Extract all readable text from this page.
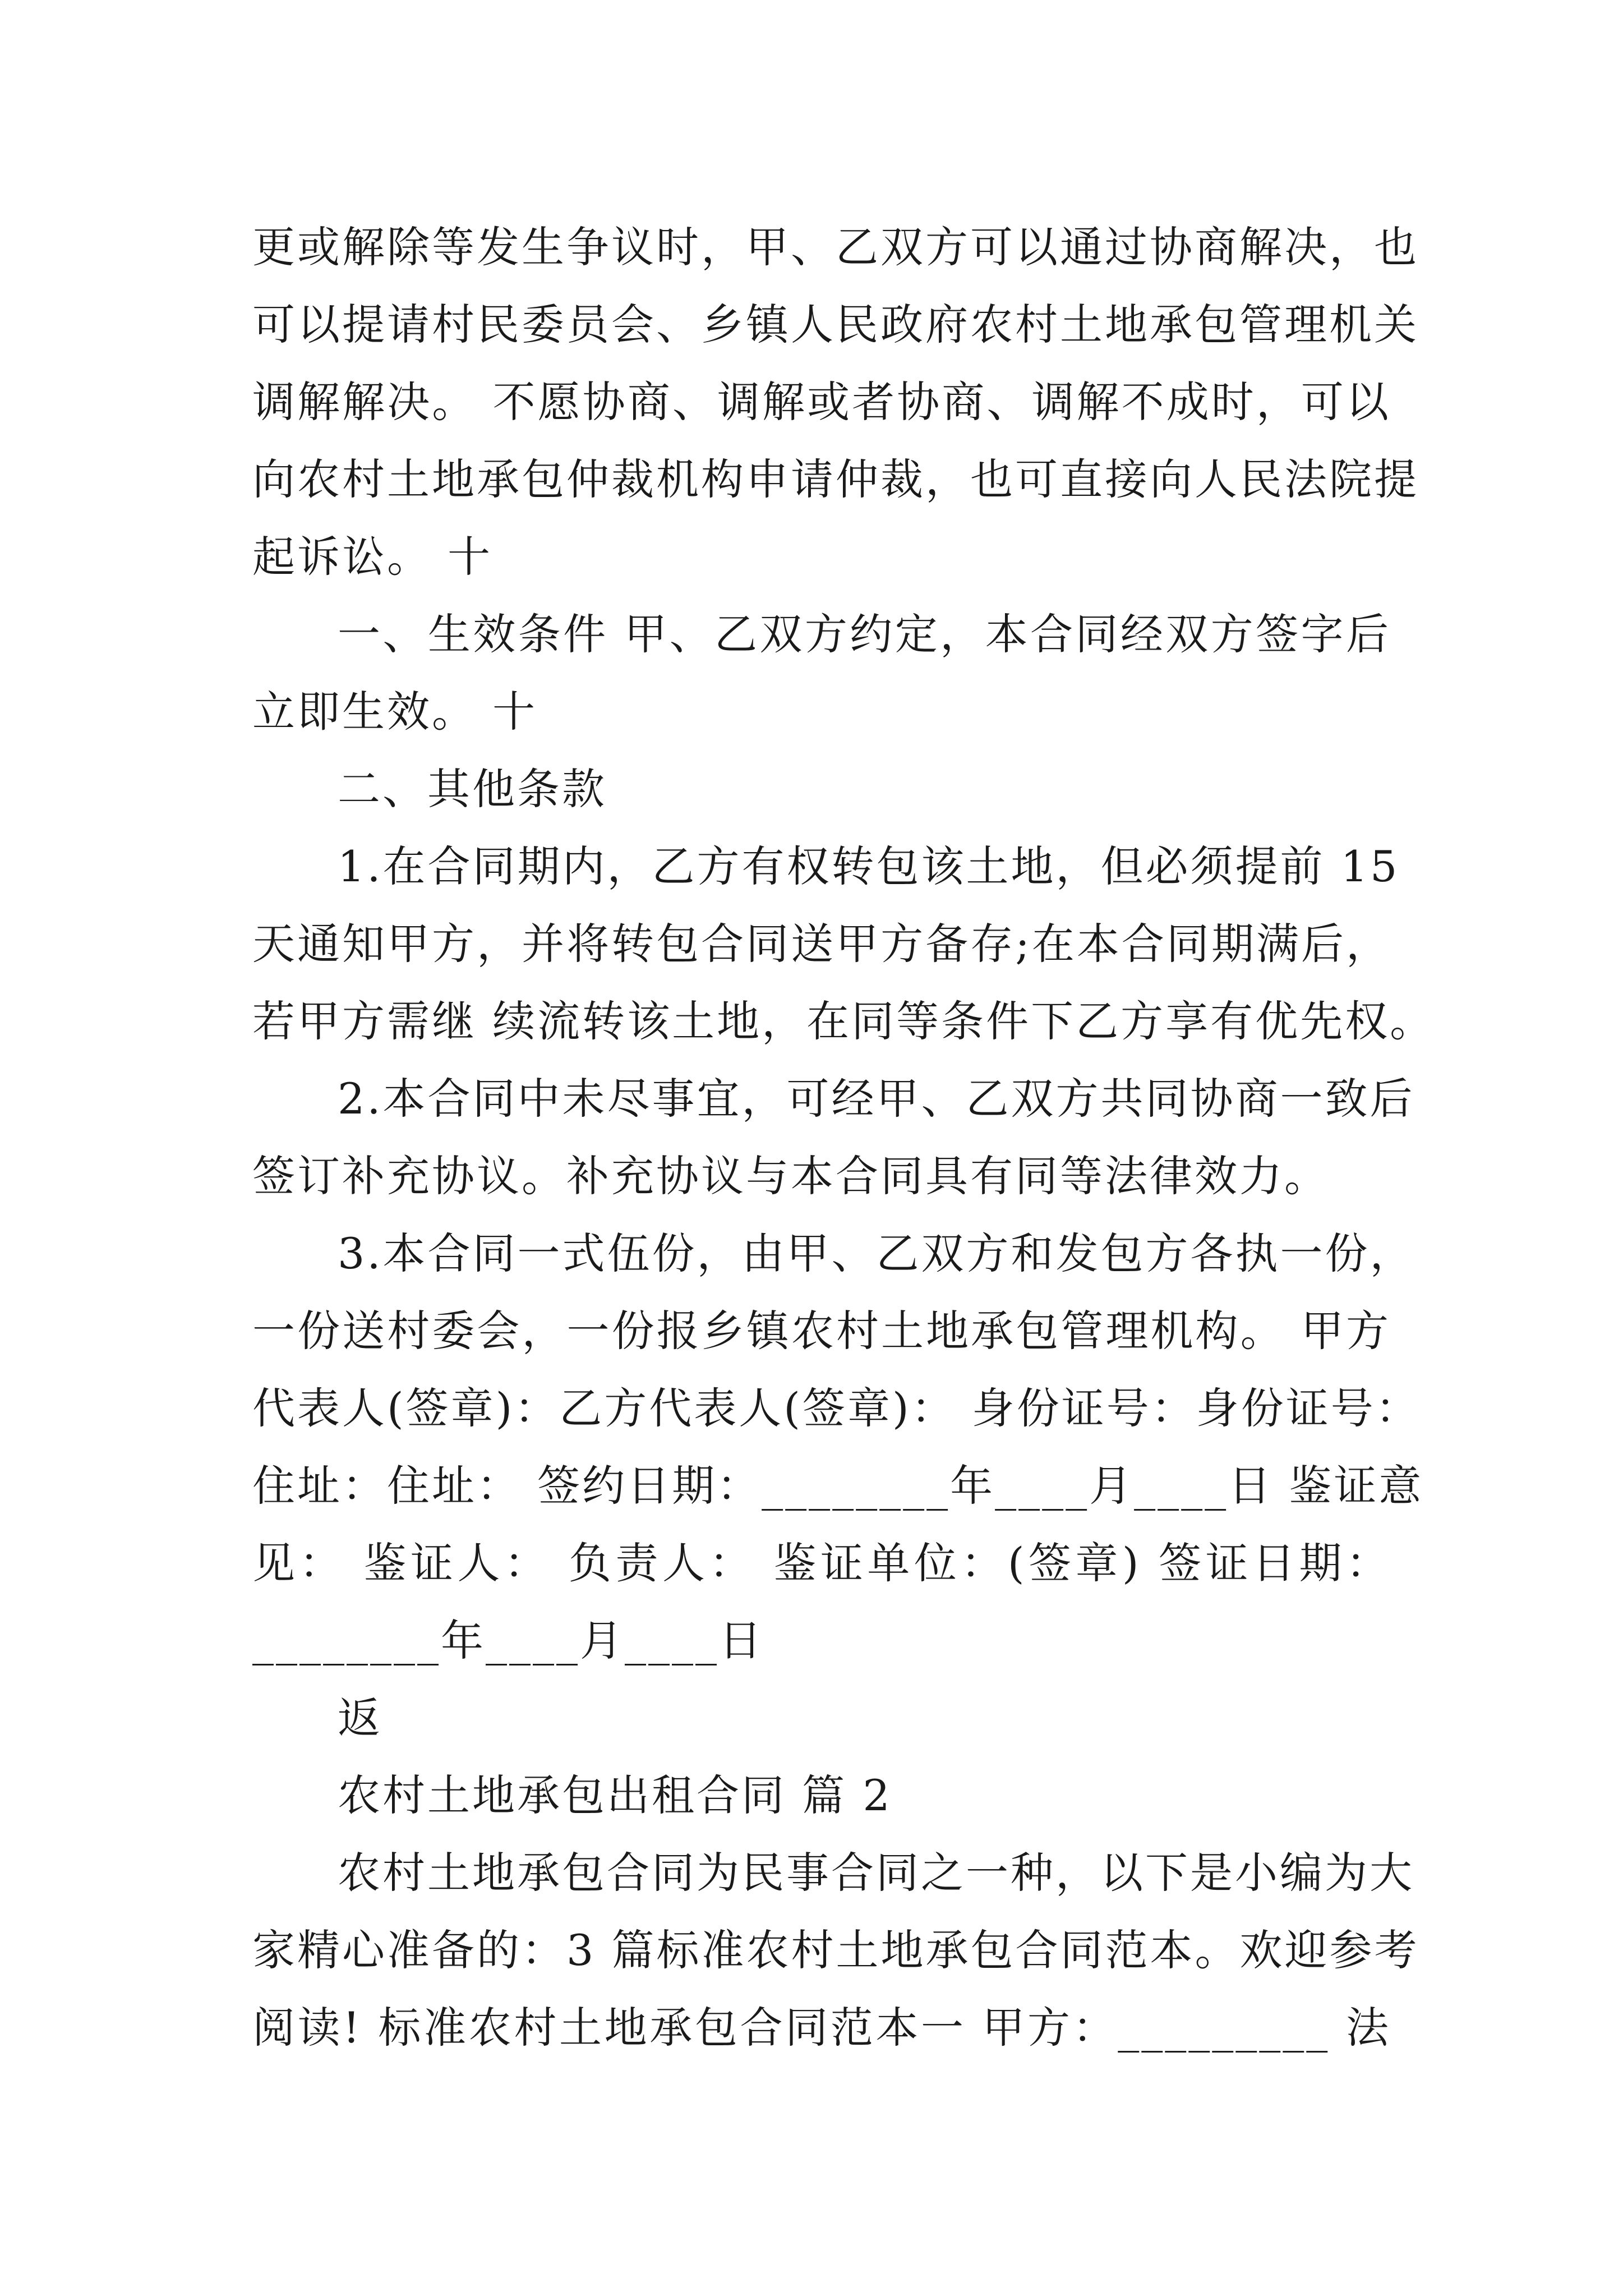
更或解除等发生争议时，甲、乙双方可以通过协商解决，也
可以提请村民委员会、乡镇人民政府农村土地承包管理机关
调解解决。 不愿协商、调解或者协商、调解不成时，可以
向农村土地承包仲裁机构申请仲裁，也可直接向人民法院提
起诉讼。 十
一、生效条件 甲、乙双方约定，本合同经双方签字后
立即生效。 十
二、其他条款
1.在合同期内，乙方有权转包该土地，但必须提前 15
天通知甲方，并将转包合同送甲方备存;在本合同期满后，
若甲方需继 续流转该土地，在同等条件下乙方享有优先权。
2.本合同中未尽事宜，可经甲、乙双方共同协商一致后
签订补充协议。补充协议与本合同具有同等法律效力。
3.本合同一式伍份，由甲、乙双方和发包方各执一份，
一份送村委会，一份报乡镇农村土地承包管理机构。 甲方
代表人(签章)：乙方代表人(签章)： 身份证号：身份证号：
住址：住址： 签约日期：________年____月____日 鉴证意
见： 鉴证人： 负责人： 鉴证单位：(签章) 签证日期：
________年____月____日
返
农村土地承包出租合同 篇 2
农村土地承包合同为民事合同之一种，以下是小编为大
家精心准备的：3 篇标准农村土地承包合同范本。欢迎参考
阅读! 标准农村土地承包合同范本一 甲方：_________ 法
